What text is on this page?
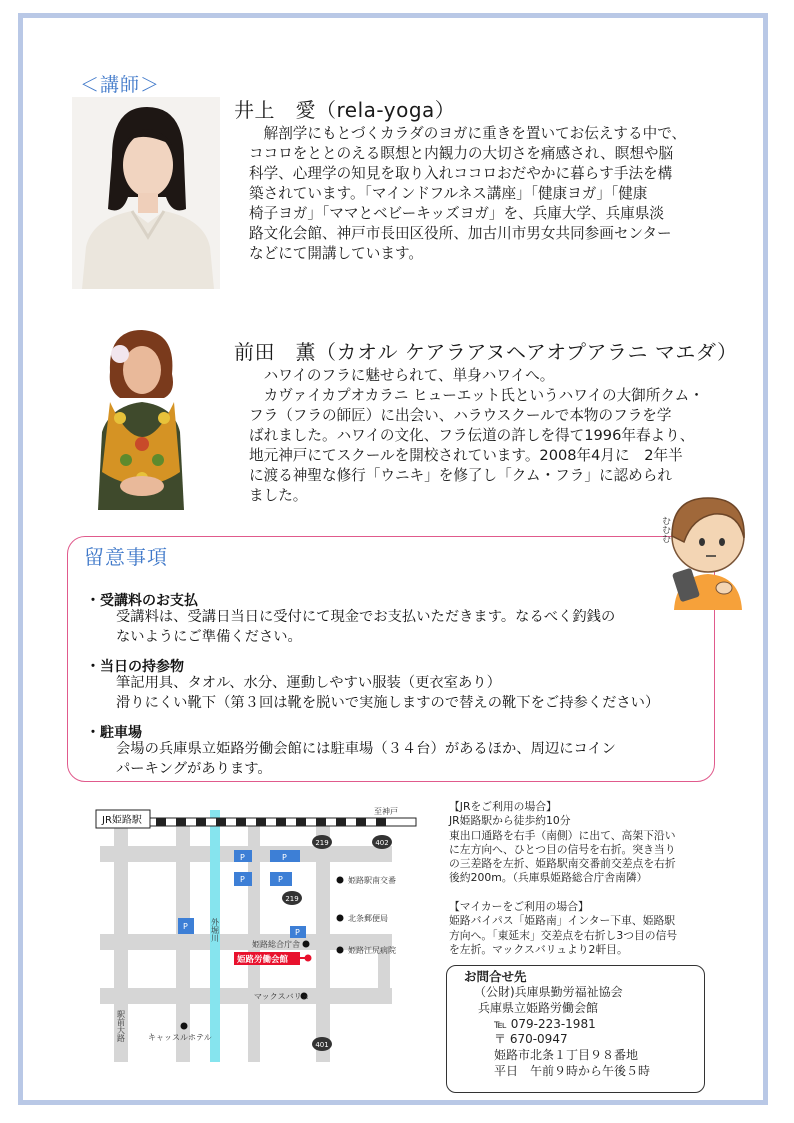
＜講師＞
井上　愛（rela-yoga）

　解剖学にもとづくカラダのヨガに重きを置いてお伝えする中で、

ココロをととのえる瞑想と内観力の大切さを痛感され、瞑想や脳

科学、心理学の知見を取り入れココロおだやかに暮らす手法を構

築されています。「マインドフルネス講座」「健康ヨガ」「健康

椅子ヨガ」「ママとベビーキッズヨガ」を、兵庫大学、兵庫県淡

路文化会館、神戸市長田区役所、加古川市男女共同参画センター

などにて開講しています。

前田　薫（カオル ケアラアヌヘアオプアラニ マエダ）

　ハワイのフラに魅せられて、単身ハワイへ。

　カヴァイカプオカラニ ヒューエット氏というハワイの大御所クム・

フラ（フラの師匠）に出会い、ハラウスクールで本物のフラを学

ばれました。ハワイの文化、フラ伝道の許しを得て1996年春より、

地元神戸にてスクールを開校されています。2008年4月に　2年半

に渡る神聖な修行「ウニキ」を修了し「クム・フラ」に認められ

ました。

留意事項
むむむ
・受講料のお支払
受講料は、受講日当日に受付にて現金でお支払いただきます。なるべく釣銭の
ないようにご準備ください。
・当日の持参物
筆記用具、タオル、水分、運動しやすい服装（更衣室あり）
滑りにくい靴下（第３回は靴を脱いで実施しますので替えの靴下をご持参ください）
・駐車場
会場の兵庫県立姫路労働会館には駐車場（３４台）があるほか、周辺にコイン
パーキングがあります。
外堀川
JR姫路駅
至神戸
P	P
P	P
P
P
219	402
219
401
姫路駅南交番
北条郵便局
姫路江尻病院
姫路総合庁舎
姫路労働会館
マックスバリュ
キャッスルホテル
駅前大路
【JRをご利用の場合】
JR姫路駅から徒歩約10分
東出口通路を右手（南側）に出て、高架下沿い
に左方向へ、ひとつ目の信号を右折。突き当り
の三差路を左折、姫路駅南交番前交差点を右折
後約200m。（兵庫県姫路総合庁舎南隣）
【マイカーをご利用の場合】
姫路バイパス「姫路南」インター下車、姫路駅
方向へ。「東延末」交差点を右折し3つ目の信号
を左折。マックスバリュより2軒目。
お問合せ先
（公財)兵庫県勤労福祉協会
兵庫県立姫路労働会館
℡ 079-223-1981
〒 670-0947
姫路市北条１丁目９８番地
平日　午前９時から午後５時
